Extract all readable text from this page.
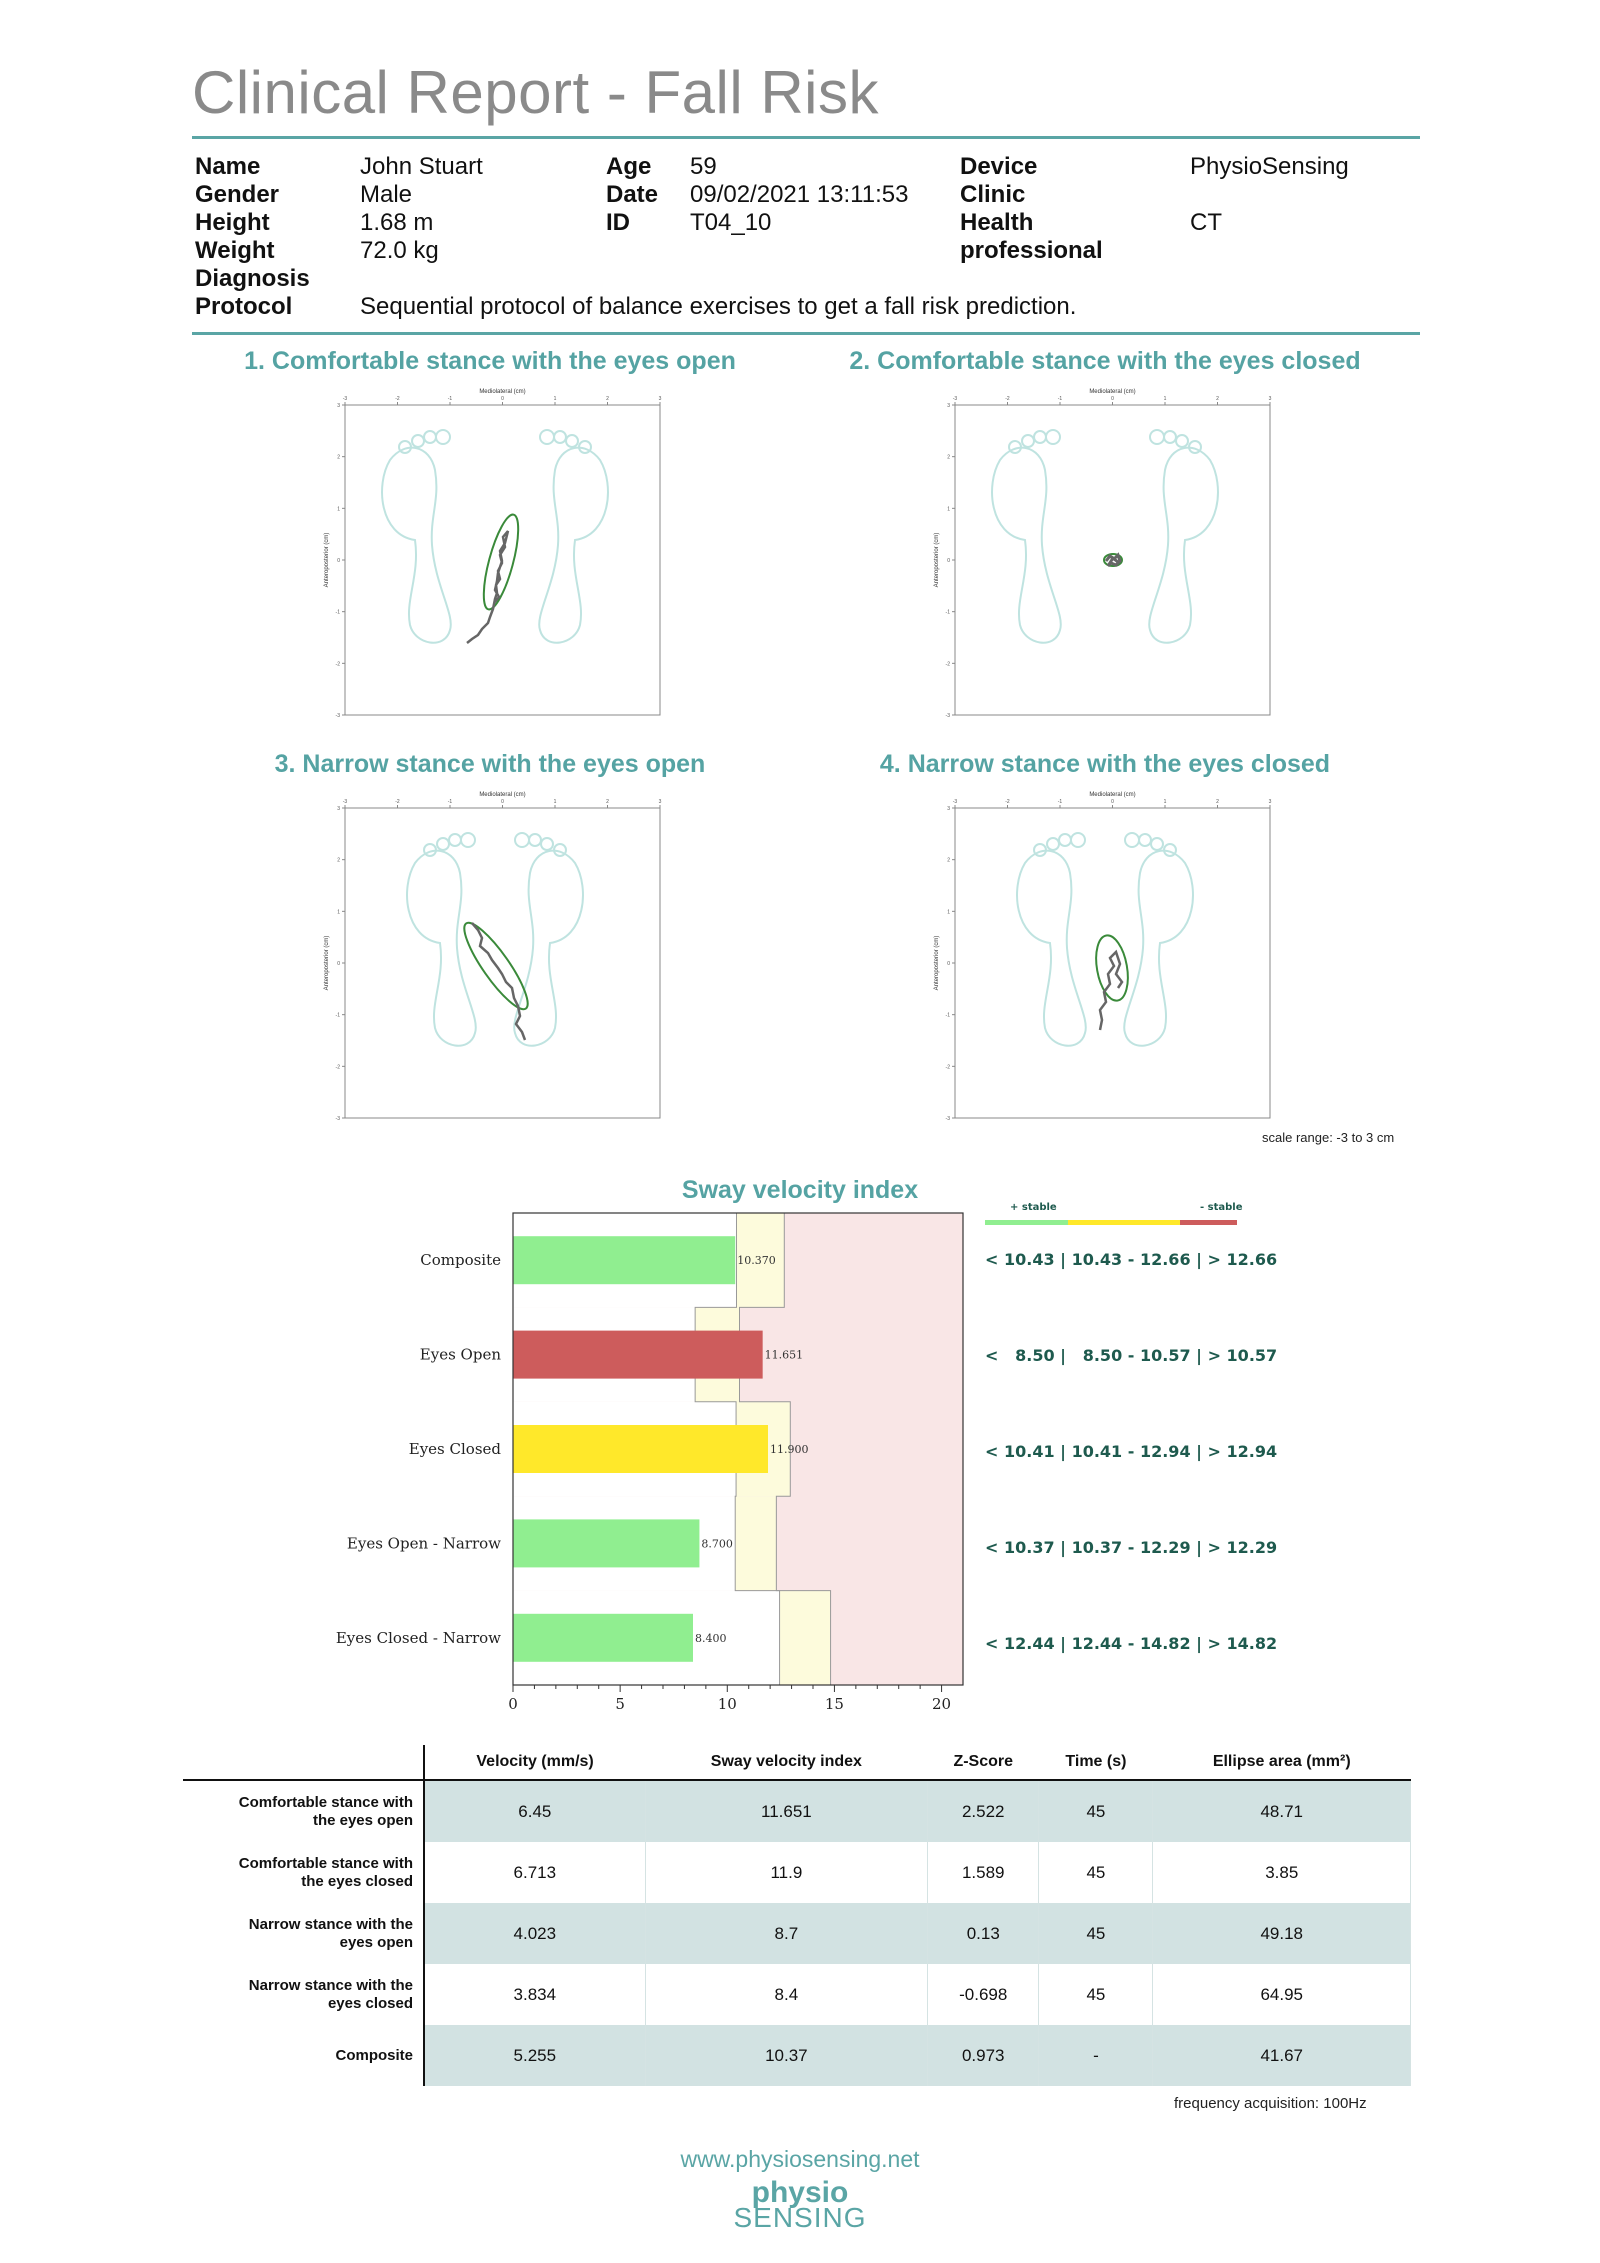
Clinical Report - Fall Risk
Name	John Stuart
Gender	Male
Height	1.68 m
Weight	72.0 kg
Diagnosis
Protocol	Sequential protocol of balance exercises to get a fall risk prediction.
Age 59
Date 09/02/2021 13:11:53
ID	T04_10
Device	PhysioSensing
Clinic
Health
professional
CT
1. Comfortable stance with the eyes open	2. Comfortable stance with the eyes closed
3. Narrow stance with the eyes open	4. Narrow stance with the eyes closed
Mediolateral (cm)
Anteroposterior (cm)
-3	-2	-1	0	1	2	3
3
2
1
0
-1
-2
-3
Mediolateral (cm)
Anteroposterior (cm)
-3	-2	-1	0	1	2	3
3
2
1
0
-1
-2
-3
Mediolateral (cm)
Anteroposterior (cm)
-3	-2	-1	0	1	2	3
3
2
1
0
-1
-2
-3
Mediolateral (cm)
Anteroposterior (cm)
-3	-2	-1	0	1	2	3
3
2
1
0
-1
-2
-3
scale range: -3 to 3 cm
Sway velocity index
10.370
Composite
11.651
Eyes Open
11.900
Eyes Closed
8.700
Eyes Open - Narrow
8.400
Eyes Closed - Narrow
0	5	10	15	20
+ stable	- stable
< 10.43 | 10.43 - 12.66 | > 12.66
<   8.50 |   8.50 - 10.57 | > 10.57
< 10.41 | 10.41 - 12.94 | > 12.94
< 10.37 | 10.37 - 12.29 | > 12.29
< 12.44 | 12.44 - 14.82 | > 14.82
	Velocity (mm/s)	Sway velocity index	Z-Score	Time (s)	Ellipse area (mm²)
Comfortable stance with
the eyes open	6.45	11.651	2.522	45	48.71
Comfortable stance with
the eyes closed	6.713	11.9	1.589	45	3.85
Narrow stance with the
eyes open	4.023	8.7	0.13	45	49.18
Narrow stance with the
eyes closed	3.834	8.4	-0.698	45	64.95
Composite	5.255	10.37	0.973	-	41.67
frequency acquisition: 100Hz
www.physiosensing.net
physio
SENSING
